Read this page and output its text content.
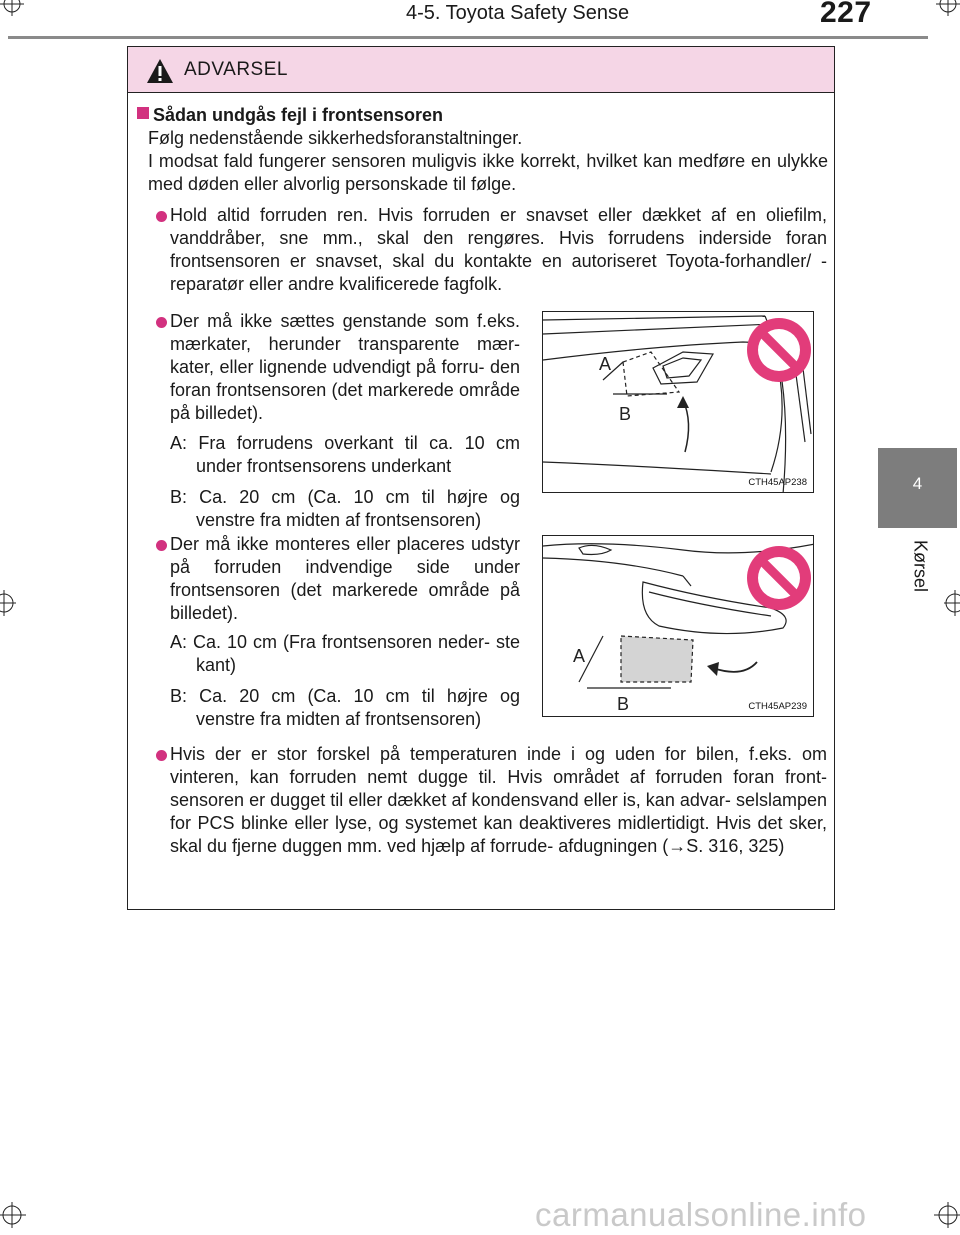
4-5. Toyota Safety Sense	227
4
Kørsel
ADVARSEL
Sådan undgås fejl i frontsensoren
Følg nedenstående sikkerhedsforanstaltninger.
I modsat fald fungerer sensoren muligvis ikke korrekt, hvilket kan medføre en ulykke med døden eller alvorlig personskade til følge.
Hold altid forruden ren. Hvis forruden er snavset eller dækket af en oliefilm, vanddråber, sne mm., skal den rengøres. Hvis forrudens inderside foran frontsensoren er snavset, skal du kontakte en autoriseret Toyota-forhandler/ -reparatør eller andre kvalificerede fagfolk.
Der må ikke sættes genstande som f.eks. mærkater, herunder transparente mær- kater, eller lignende udvendigt på forru- den foran frontsensoren (det markerede område på billedet).
A: Fra forrudens overkant til ca. 10 cm under frontsensorens underkant
B: Ca. 20 cm (Ca. 10 cm til højre og venstre fra midten af frontsensoren)
Der må ikke monteres eller placeres udstyr på forruden indvendige side under frontsensoren (det markerede område på billedet).
A: Ca. 10 cm (Fra frontsensoren neder- ste kant)
B: Ca. 20 cm (Ca. 10 cm til højre og venstre fra midten af frontsensoren)
Hvis der er stor forskel på temperaturen inde i og uden for bilen, f.eks. om vinteren, kan forruden nemt dugge til. Hvis området af forruden foran front- sensoren er dugget til eller dækket af kondensvand eller is, kan advar- selslampen for PCS blinke eller lyse, og systemet kan deaktiveres midlertidigt. Hvis det sker, skal du fjerne duggen mm. ved hjælp af forrude- afdugningen (→S. 316, 325)
A
B
CTH45AP238
A
B	CTH45AP239
carmanualsonline.info
